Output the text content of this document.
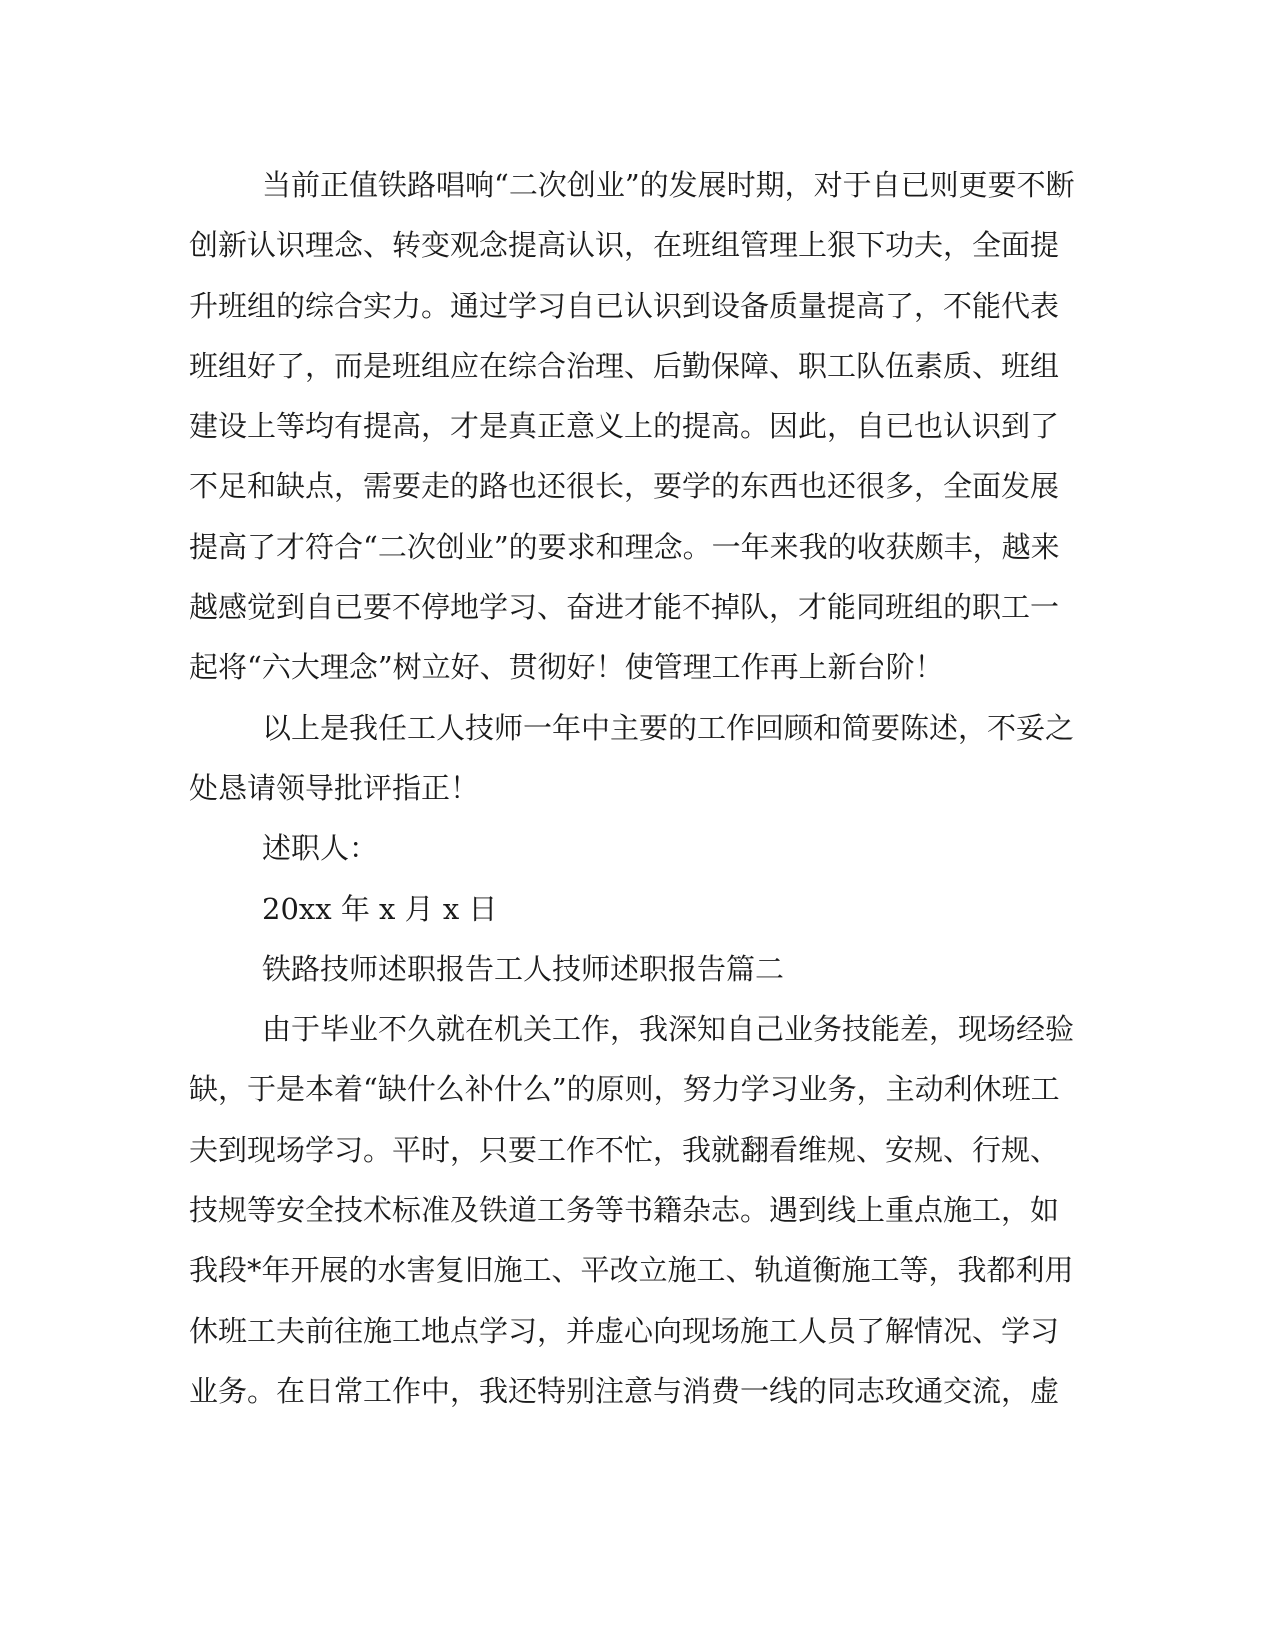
当前正值铁路唱响“二次创业”的发展时期，对于自已则更要不断
创新认识理念、转变观念提高认识，在班组管理上狠下功夫，全面提
升班组的综合实力。通过学习自已认识到设备质量提高了，不能代表
班组好了，而是班组应在综合治理、后勤保障、职工队伍素质、班组
建设上等均有提高，才是真正意义上的提高。因此，自已也认识到了
不足和缺点，需要走的路也还很长，要学的东西也还很多，全面发展
提高了才符合“二次创业”的要求和理念。一年来我的收获颇丰，越来
越感觉到自已要不停地学习、奋进才能不掉队，才能同班组的职工一
起将“六大理念”树立好、贯彻好！使管理工作再上新台阶！
以上是我任工人技师一年中主要的工作回顾和简要陈述，不妥之
处恳请领导批评指正！
述职人：
20xx 年 x 月 x 日
铁路技师述职报告工人技师述职报告篇二
由于毕业不久就在机关工作，我深知自己业务技能差，现场经验
缺，于是本着“缺什么补什么”的原则，努力学习业务，主动利休班工
夫到现场学习。平时，只要工作不忙，我就翻看维规、安规、行规、
技规等安全技术标准及铁道工务等书籍杂志。遇到线上重点施工，如
我段*年开展的水害复旧施工、平改立施工、轨道衡施工等，我都利用
休班工夫前往施工地点学习，并虚心向现场施工人员了解情况、学习
业务。在日常工作中，我还特别注意与消费一线的同志玫通交流，虚
